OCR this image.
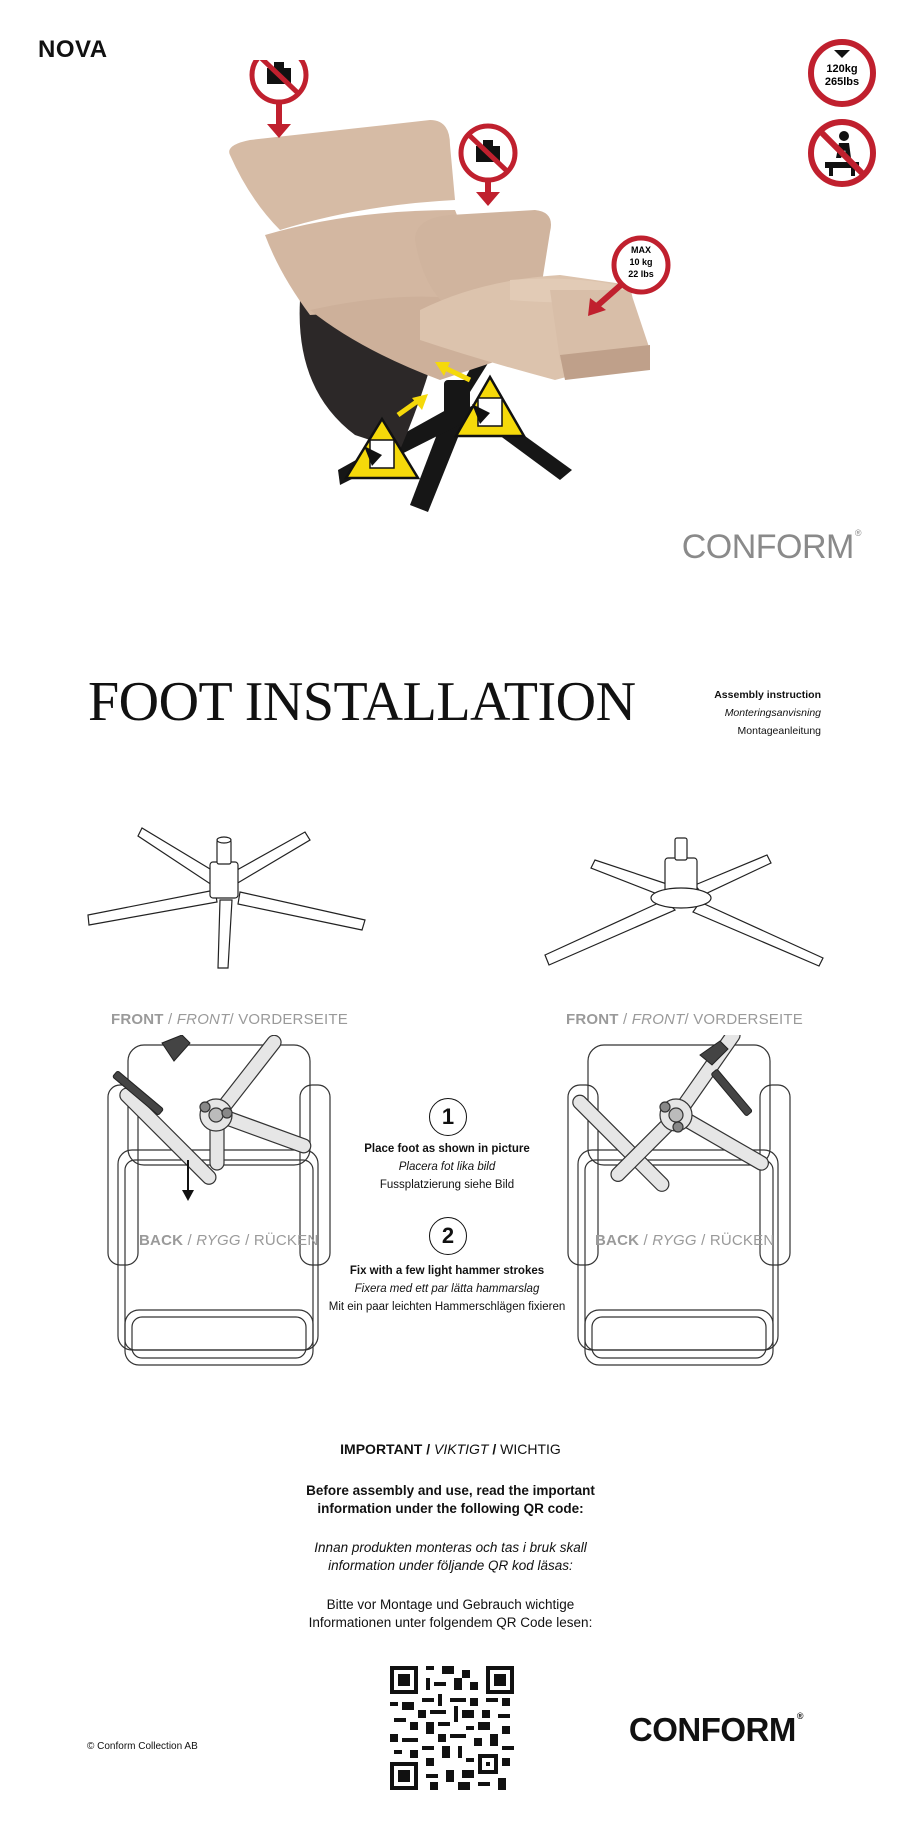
NOVA
MAX
10 kg
22 lbs
120kg
265lbs
CONFORM®
FOOT INSTALLATION	Assembly instruction
Monteringsanvisning
Montageanleitung
FRONT / FRONT/ VORDERSEITE	FRONT / FRONT/ VORDERSEITE
BACK / RYGG / RÜCKEN	BACK / RYGG / RÜCKEN
1
Place foot as shown in picture
Placera fot lika bild
Fussplatzierung siehe Bild
2
Fix with a few light hammer strokes
Fixera med ett par lätta hammarslag
Mit ein paar leichten Hammerschlägen fixieren
IMPORTANT / VIKTIGT / WICHTIG
Before assembly and use, read the important
information under the following QR code:
Innan produkten monteras och tas i bruk skall
information under följande QR kod läsas:
Bitte vor Montage und Gebrauch wichtige
Informationen unter folgendem QR Code lesen:
© Conform Collection AB	CONFORM®
